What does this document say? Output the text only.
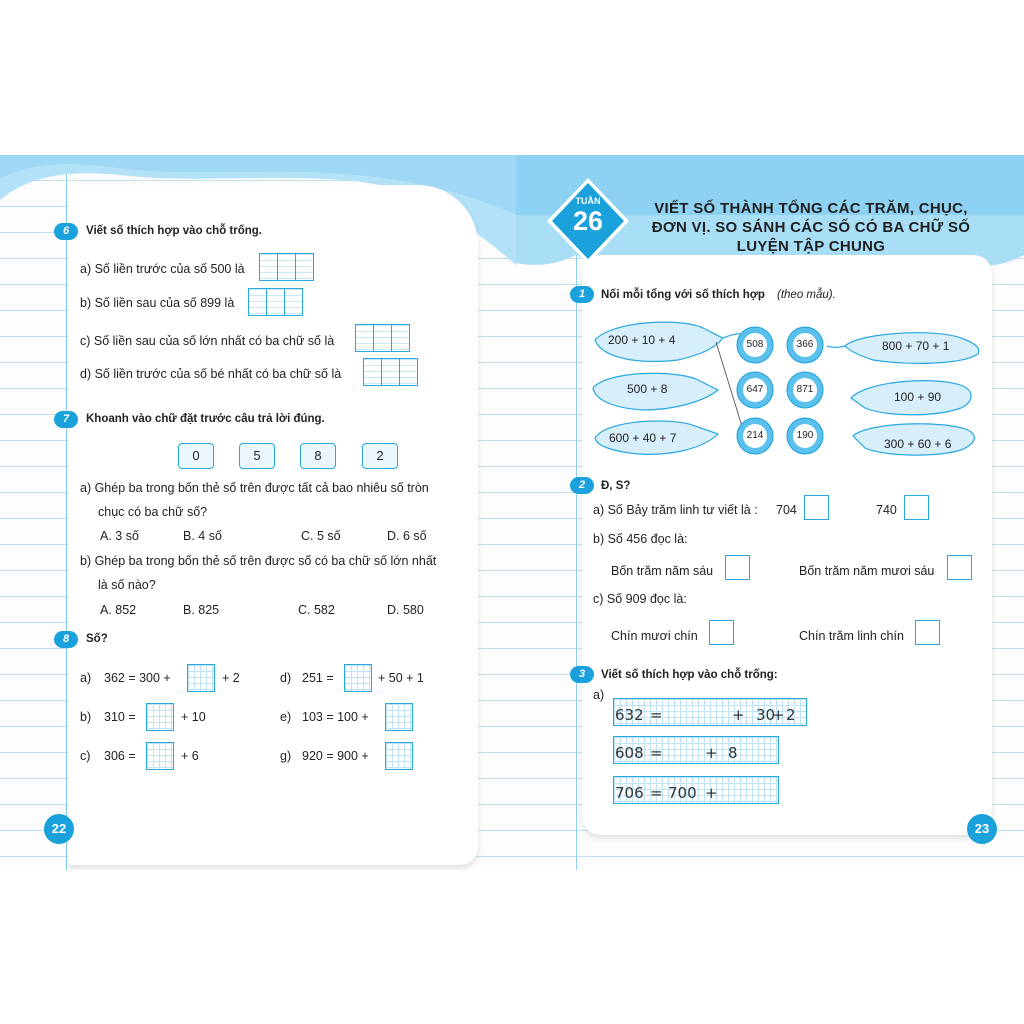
6	Viết số thích hợp vào chỗ trống.
a) Số liền trước của số 500 là
b) Số liền sau của số 899 là
c) Số liền sau của số lớn nhất có ba chữ số là
d) Số liền trước của số bé nhất có ba chữ số là
7	Khoanh vào chữ đặt trước câu trả lời đúng.
0	5	8	2
a) Ghép ba trong bốn thẻ số trên được tất cả bao nhiêu số tròn
chục có ba chữ số?
A. 3 số	B. 4 số	C. 5 số	D. 6 số
b) Ghép ba trong bốn thẻ số trên được số có ba chữ số lớn nhất
là số nào?
A. 852	B. 825	C. 582	D. 580
8	Số?
a) 362 = 300 +	+ 2
b) 310 =	+ 10
c) 306 =	+ 6
d) 251 =	+ 50 + 1
e) 103 = 100 +
g) 920 = 900 +
22
TUẦN
26	VIẾT SỐ THÀNH TỔNG CÁC TRĂM, CHỤC,
ĐƠN VỊ. SO SÁNH CÁC SỐ CÓ BA CHỮ SỐ
LUYỆN TẬP CHUNG
1	Nối mỗi tổng với số thích hợp (theo mẫu).
200 + 10 + 4
500 + 8
600 + 40 + 7
800 + 70 + 1
100 + 90
300 + 60 + 6
508	366
647	871
214	190
2	Đ, S?
a) Số Bảy trăm linh tư viết là : 704	740
b) Số 456 đọc là:
Bốn trăm năm sáu	Bốn trăm năm mươi sáu
c) Số 909 đọc là:
Chín mươi chín	Chín trăm linh chín
3	Viết số thích hợp vào chỗ trống:
a)
632 =	+ 30
+ 2
608 =	+ 8
706 = 700 +
23
